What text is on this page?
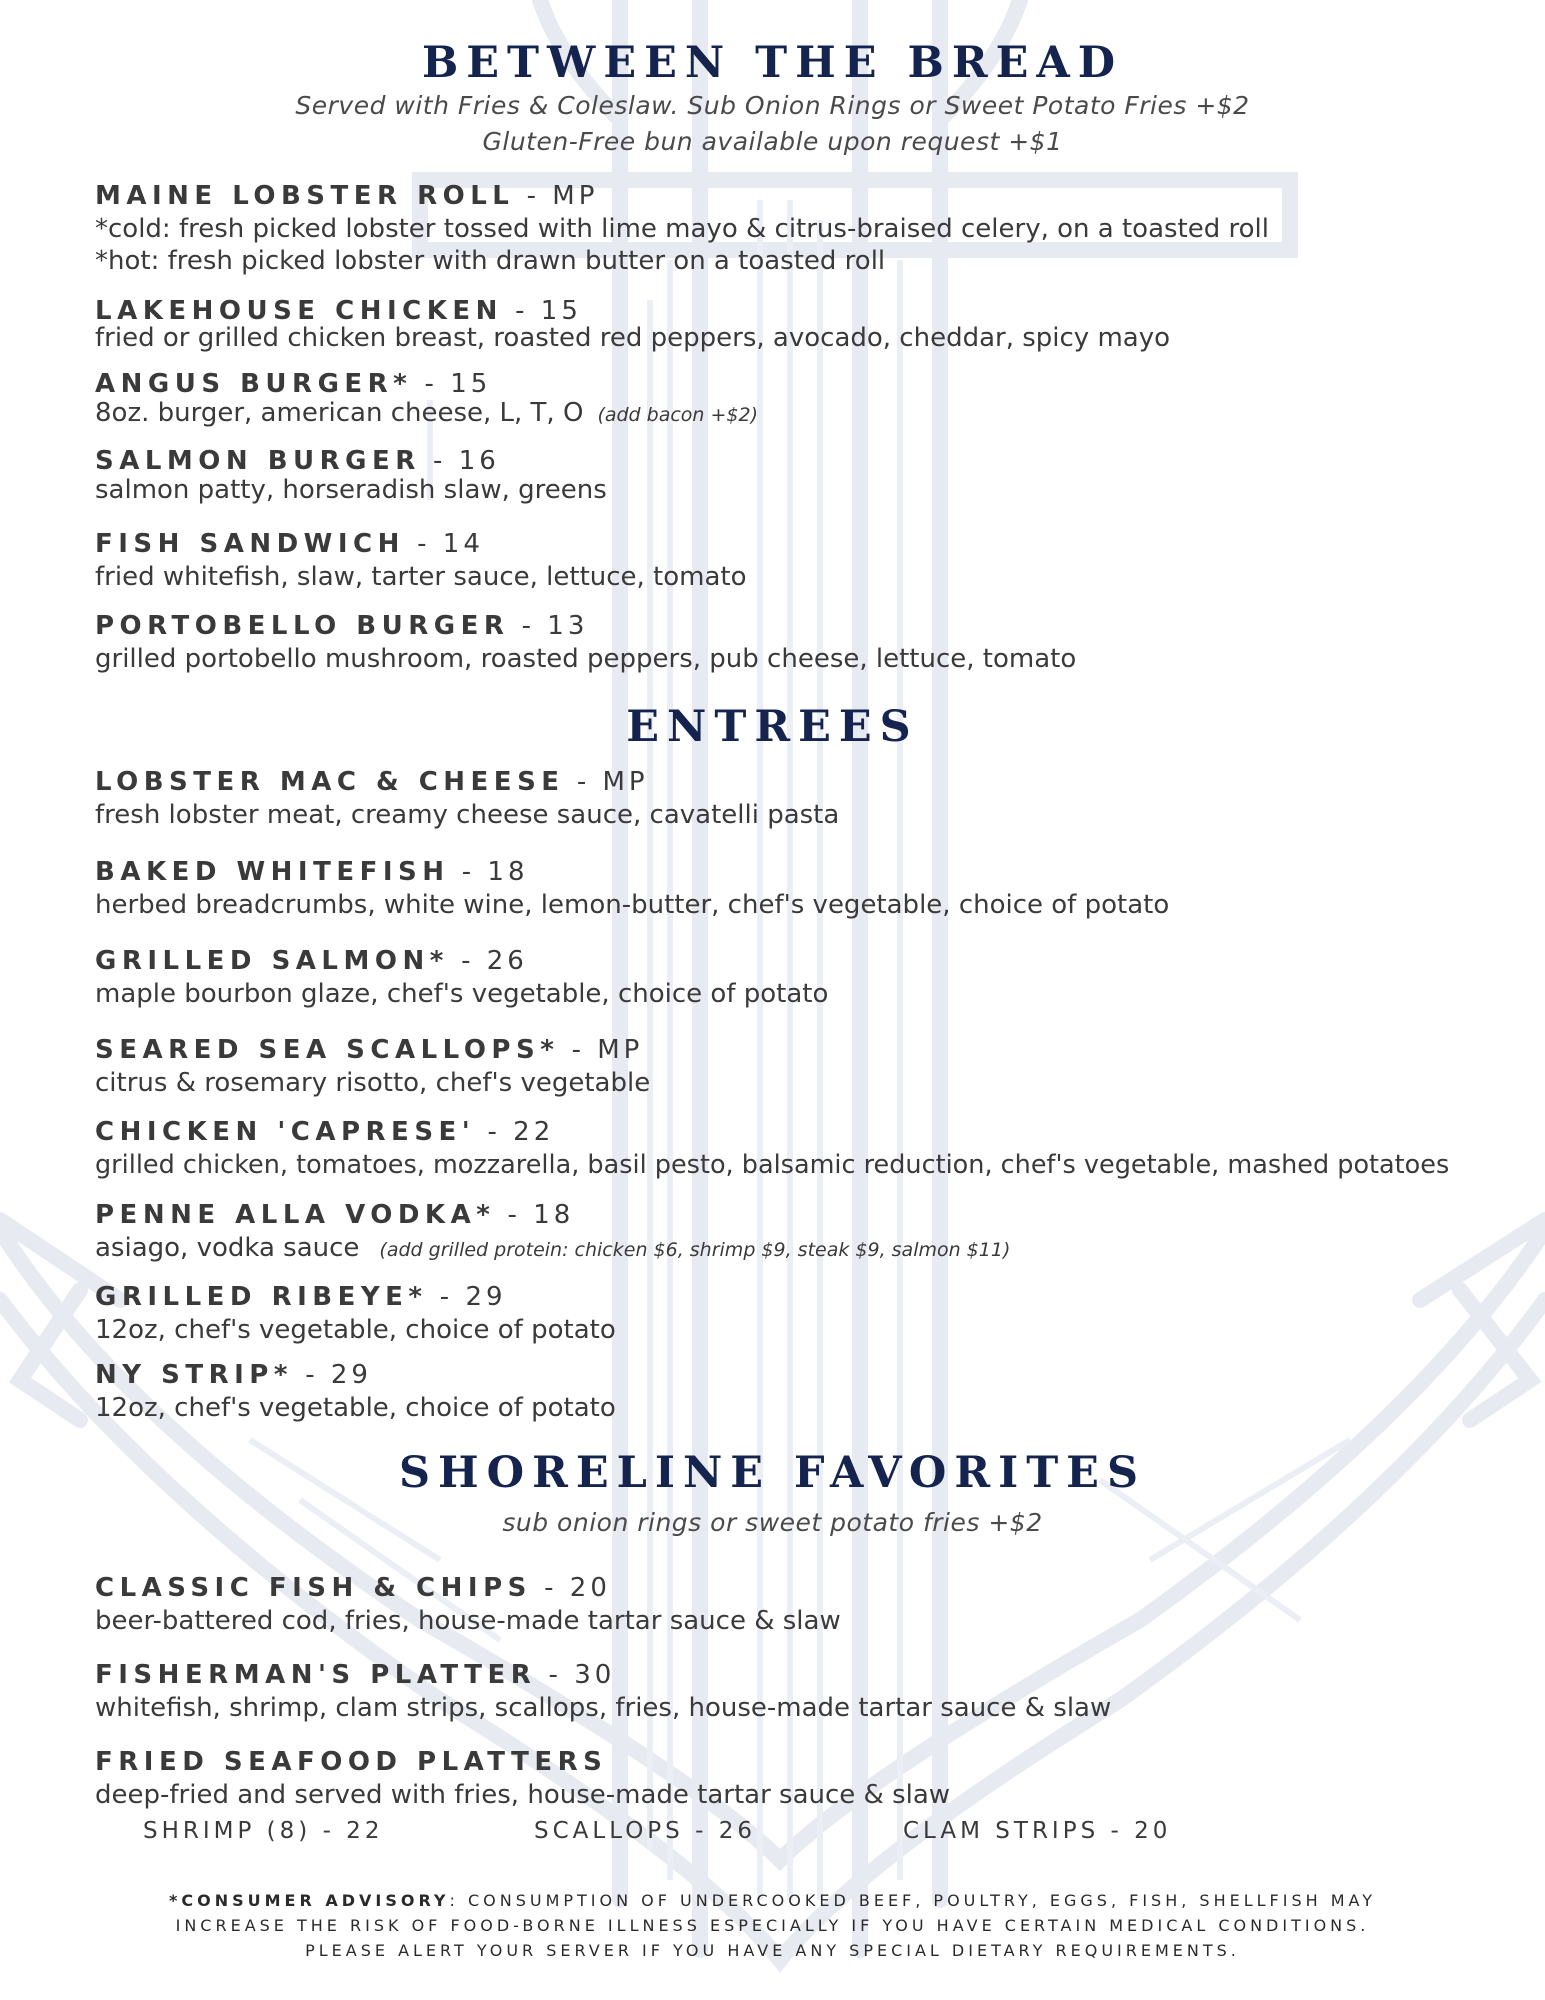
BETWEEN THE BREAD

Served with Fries & Coleslaw. Sub Onion Rings or Sweet Potato Fries +$2

Gluten-Free bun available upon request +$1

MAINE LOBSTER ROLL - MP
*cold: fresh picked lobster tossed with lime mayo & citrus-braised celery, on a toasted roll
*hot: fresh picked lobster with drawn butter on a toasted roll
LAKEHOUSE CHICKEN - 15
fried or grilled chicken breast, roasted red peppers, avocado, cheddar, spicy mayo
ANGUS BURGER* - 15
8oz. burger, american cheese, L, T, O (add bacon +$2)
SALMON BURGER - 16
salmon patty, horseradish slaw, greens
FISH SANDWICH - 14
fried whitefish, slaw, tarter sauce, lettuce, tomato
PORTOBELLO BURGER - 13
grilled portobello mushroom, roasted peppers, pub cheese, lettuce, tomato
ENTREES
LOBSTER MAC & CHEESE - MP
fresh lobster meat, creamy cheese sauce, cavatelli pasta
BAKED WHITEFISH - 18
herbed breadcrumbs, white wine, lemon-butter, chef's vegetable, choice of potato
GRILLED SALMON* - 26
maple bourbon glaze, chef's vegetable, choice of potato
SEARED SEA SCALLOPS* - MP
citrus & rosemary risotto, chef's vegetable
CHICKEN 'CAPRESE' - 22
grilled chicken, tomatoes, mozzarella, basil pesto, balsamic reduction, chef's vegetable, mashed potatoes
PENNE ALLA VODKA* - 18
asiago, vodka sauce (add grilled protein: chicken $6, shrimp $9, steak $9, salmon $11)
GRILLED RIBEYE* - 29
12oz, chef's vegetable, choice of potato
NY STRIP* - 29
12oz, chef's vegetable, choice of potato
SHORELINE FAVORITES

sub onion rings or sweet potato fries +$2

CLASSIC FISH & CHIPS - 20
beer-battered cod, fries, house-made tartar sauce & slaw
FISHERMAN'S PLATTER - 30
whitefish, shrimp, clam strips, scallops, fries, house-made tartar sauce & slaw
FRIED SEAFOOD PLATTERS
deep-fried and served with fries, house-made tartar sauce & slaw
SHRIMP (8) - 22	SCALLOPS - 26	CLAM STRIPS - 20
*CONSUMER ADVISORY: CONSUMPTION OF UNDERCOOKED BEEF, POULTRY, EGGS, FISH, SHELLFISH MAY
INCREASE THE RISK OF FOOD-BORNE ILLNESS ESPECIALLY IF YOU HAVE CERTAIN MEDICAL CONDITIONS.
PLEASE ALERT YOUR SERVER IF YOU HAVE ANY SPECIAL DIETARY REQUIREMENTS.
